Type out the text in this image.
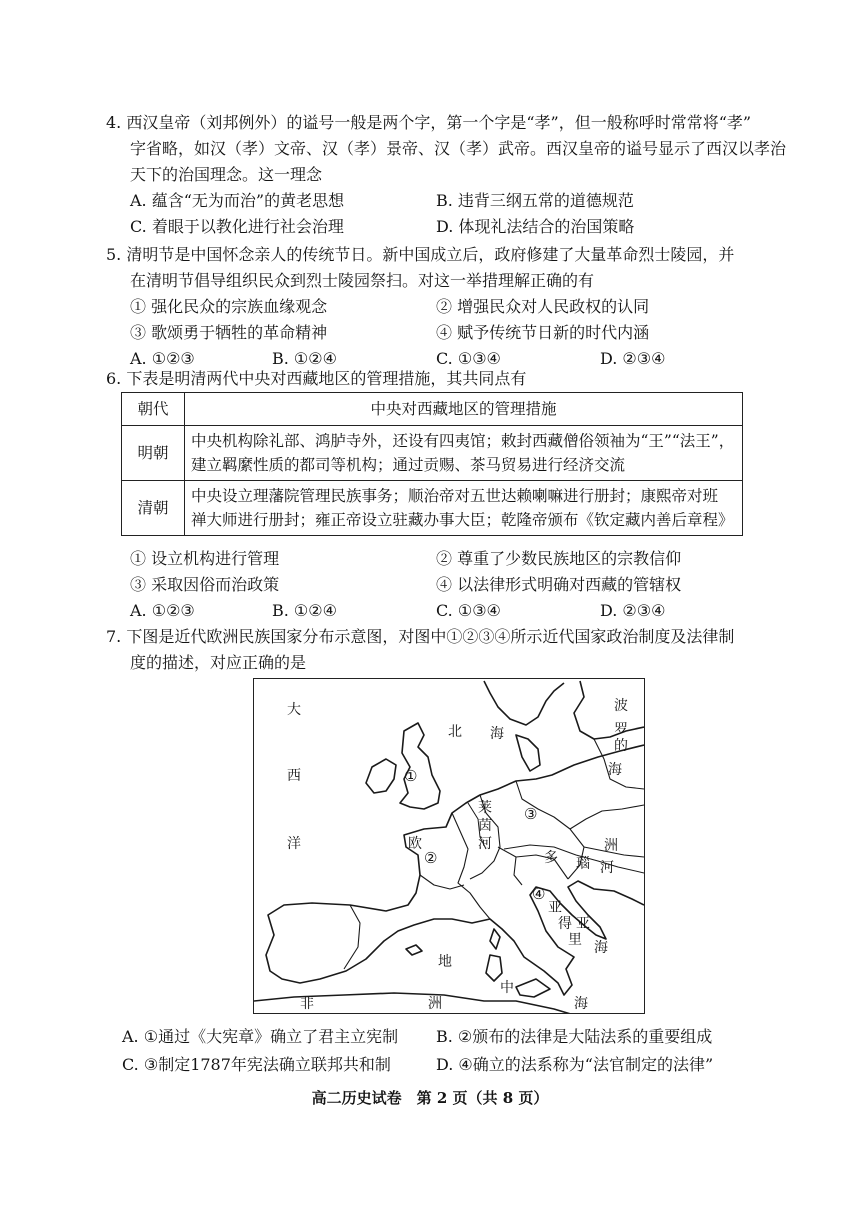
4. 西汉皇帝（刘邦例外）的谥号一般是两个字，第一个字是“孝”，但一般称呼时常常将“孝”
字省略，如汉（孝）文帝、汉（孝）景帝、汉（孝）武帝。西汉皇帝的谥号显示了西汉以孝治
天下的治国理念。这一理念
A. 蕴含“无为而治”的黄老思想	B. 违背三纲五常的道德规范
C. 着眼于以教化进行社会治理	D. 体现礼法结合的治国策略
5. 清明节是中国怀念亲人的传统节日。新中国成立后，政府修建了大量革命烈士陵园，并
在清明节倡导组织民众到烈士陵园祭扫。对这一举措理解正确的有
① 强化民众的宗族血缘观念	② 增强民众对人民政权的认同
③ 歌颂勇于牺牲的革命精神	④ 赋予传统节日新的时代内涵
A. ①②③	B. ①②④	C. ①③④	D. ②③④
6. 下表是明清两代中央对西藏地区的管理措施，其共同点有
朝代	中央对西藏地区的管理措施
明朝	中央机构除礼部、鸿胪寺外，还设有四夷馆；敕封西藏僧俗领袖为“王”“法王”，
建立羁縻性质的都司等机构；通过贡赐、茶马贸易进行经济交流

清朝	中央设立理藩院管理民族事务；顺治帝对五世达赖喇嘛进行册封；康熙帝对班
禅大师进行册封；雍正帝设立驻藏办事大臣；乾隆帝颁布《钦定藏内善后章程》
① 设立机构进行管理	② 尊重了少数民族地区的宗教信仰
③ 采取因俗而治政策	④ 以法律形式明确对西藏的管辖权
A. ①②③	B. ①②④	C. ①③④	D. ②③④
7. 下图是近代欧洲民族国家分布示意图，对图中①②③④所示近代国家政治制度及法律制
度的描述，对应正确的是
大
西
洋
北 海
波
罗
的
海
莱
茵
河
欧	洲
多 瑙 河
亚
得
里
亚
海
地
中
海
非	洲
①
②
③
④
A. ①通过《大宪章》确立了君主立宪制 B. ②颁布的法律是大陆法系的重要组成
C. ③制定1787年宪法确立联邦共和制	D. ④确立的法系称为“法官制定的法律”
高二历史试卷　第 2 页（共 8 页）
